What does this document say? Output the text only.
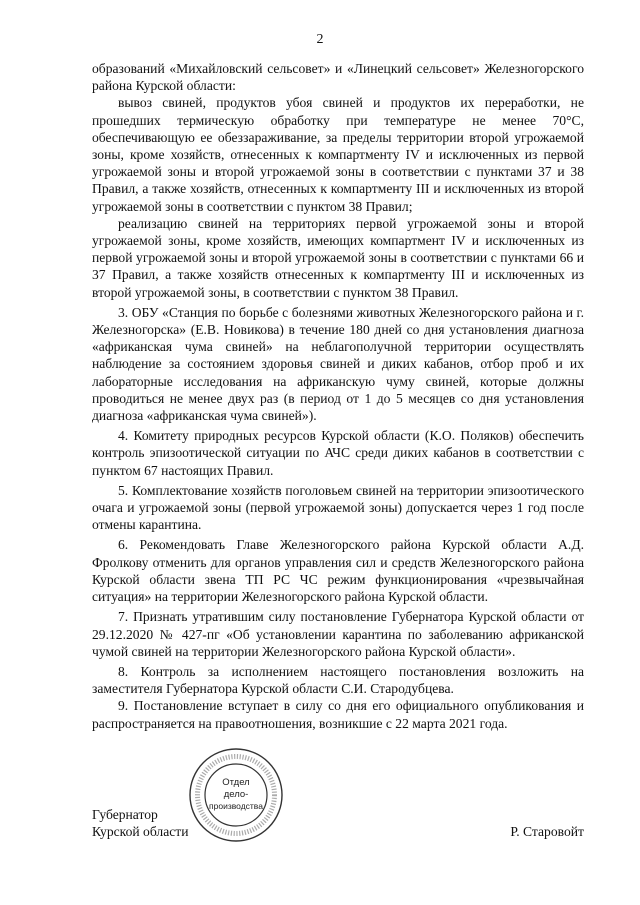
2

образований «Михайловский сельсовет» и «Линецкий сельсовет» Железногорского района Курской области:

вывоз свиней, продуктов убоя свиней и продуктов их переработки, не прошедших термическую обработку при температуре не менее 70°С, обеспечивающую ее обеззараживание, за пределы территории второй угрожаемой зоны, кроме хозяйств, отнесенных к компартменту IV и исключенных из первой угрожаемой зоны и второй угрожаемой зоны в соответствии с пунктами 37 и 38 Правил, а также хозяйств, отнесенных к компартменту III и исключенных из второй угрожаемой зоны в соответствии с пунктом 38 Правил;

реализацию свиней на территориях первой угрожаемой зоны и второй угрожаемой зоны, кроме хозяйств, имеющих компартмент IV и исключенных из первой угрожаемой зоны и второй угрожаемой зоны в соответствии с пунктами 66 и 37 Правил, а также хозяйств отнесенных к компартменту III и исключенных из второй угрожаемой зоны, в соответствии с пунктом 38 Правил.

3. ОБУ «Станция по борьбе с болезнями животных Железногорского района и г. Железногорска» (Е.В. Новикова) в течение 180 дней со дня установления диагноза «африканская чума свиней» на неблагополучной территории осуществлять наблюдение за состоянием здоровья свиней и диких кабанов, отбор проб и их лабораторные исследования на африканскую чуму свиней, которые должны проводиться не менее двух раз (в период от 1 до 5 месяцев со дня установления диагноза «африканская чума свиней»).

4. Комитету природных ресурсов Курской области (К.О. Поляков) обеспечить контроль эпизоотической ситуации по АЧС среди диких кабанов в соответствии с пунктом 67 настоящих Правил.

5. Комплектование хозяйств поголовьем свиней на территории эпизоотического очага и угрожаемой зоны (первой угрожаемой зоны) допускается через 1 год после отмены карантина.

6. Рекомендовать Главе Железногорского района Курской области А.Д. Фролкову отменить для органов управления сил и средств Железногорского района Курской области звена ТП РС ЧС режим функционирования «чрезвычайная ситуация» на территории Железногорского района Курской области.

7. Признать утратившим силу постановление Губернатора Курской области от 29.12.2020 № 427-пг «Об установлении карантина по заболеванию африканской чумой свиней на территории Железногорского района Курской области».

8. Контроль за исполнением настоящего постановления возложить на заместителя Губернатора Курской области С.И. Стародубцева.

9. Постановление вступает в силу со дня его официального опубликования и распространяется на правоотношения, возникшие с 22 марта 2021 года.

Губернатор
Курской области	Р. Старовойт
Отдел
дело-
производства
